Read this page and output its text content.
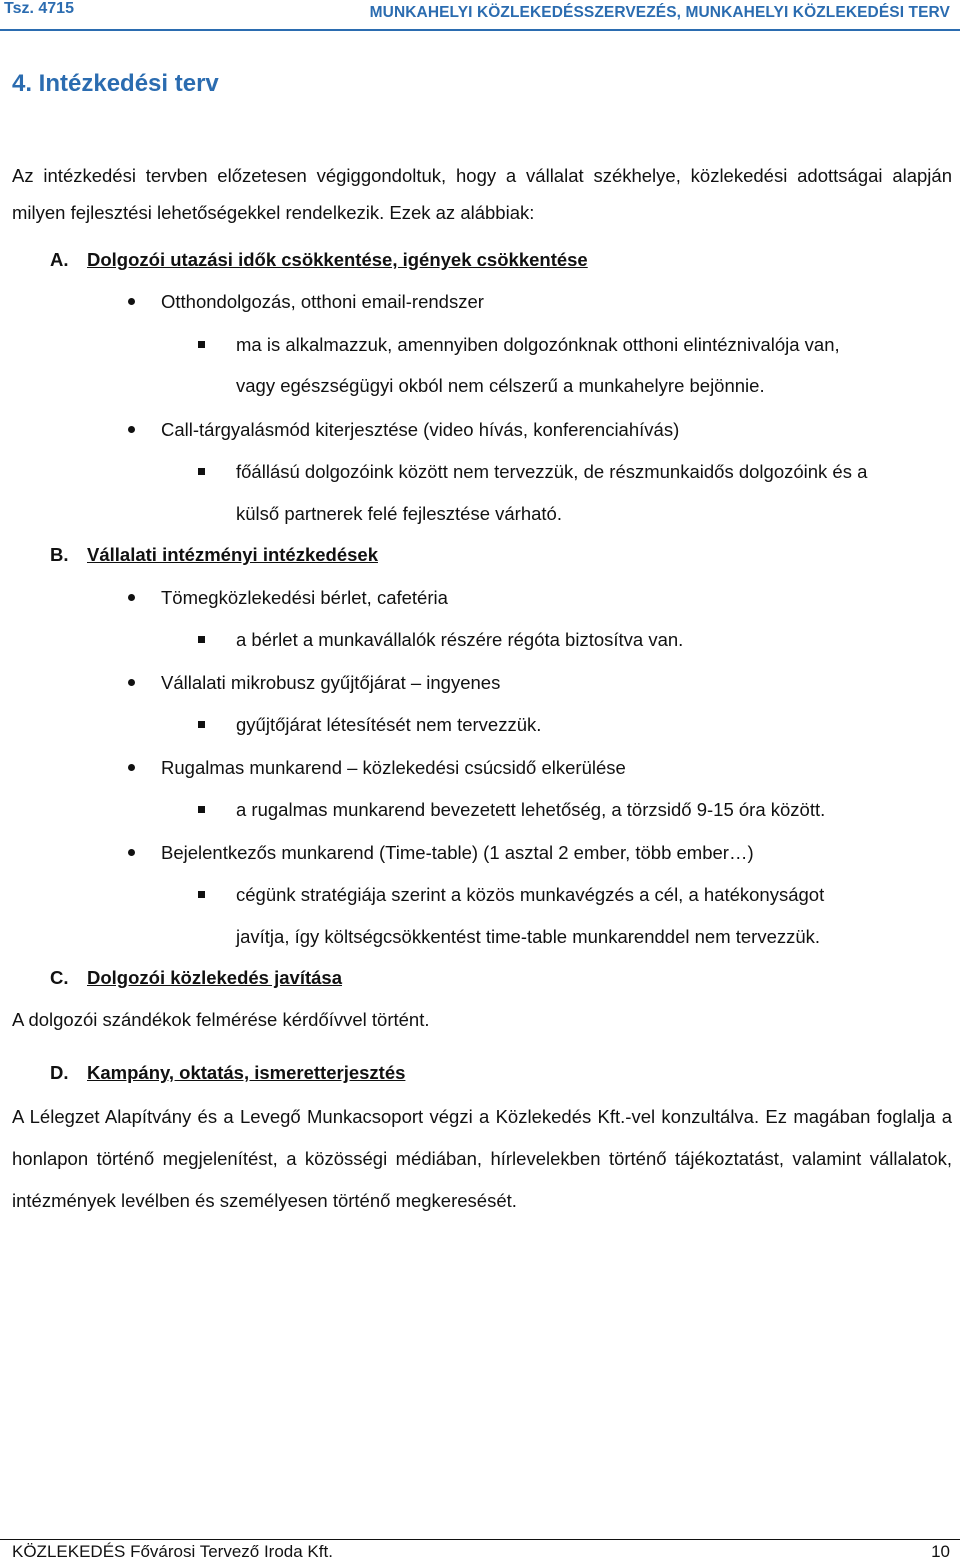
Tsz. 4715	MUNKAHELYI KÖZLEKEDÉSSZERVEZÉS, MUNKAHELYI KÖZLEKEDÉSI TERV
4. Intézkedési terv

Az intézkedési tervben előzetesen végiggondoltuk, hogy a vállalat székhelye, közlekedési adottságai alapján milyen fejlesztési lehetőségekkel rendelkezik. Ezek az alábbiak:

A. Dolgozói utazási idők csökkentése, igények csökkentése
Otthondolgozás, otthoni email-rendszer
ma is alkalmazzuk, amennyiben dolgozónknak otthoni elintéznivalója van,
vagy egészségügyi okból nem célszerű a munkahelyre bejönnie.
Call-tárgyalásmód kiterjesztése (video hívás, konferenciahívás)
főállású dolgozóink között nem tervezzük, de részmunkaidős dolgozóink és a
külső partnerek felé fejlesztése várható.
B. Vállalati intézményi intézkedések
Tömegközlekedési bérlet, cafetéria
a bérlet a munkavállalók részére régóta biztosítva van.
Vállalati mikrobusz gyűjtőjárat – ingyenes
gyűjtőjárat létesítését nem tervezzük.
Rugalmas munkarend – közlekedési csúcsidő elkerülése
a rugalmas munkarend bevezetett lehetőség, a törzsidő 9-15 óra között.
Bejelentkezős munkarend (Time-table) (1 asztal 2 ember, több ember…)
cégünk stratégiája szerint a közös munkavégzés a cél, a hatékonyságot
javítja, így költségcsökkentést time-table munkarenddel nem tervezzük.
C. Dolgozói közlekedés javítása
A dolgozói szándékok felmérése kérdőívvel történt.
D. Kampány, oktatás, ismeretterjesztés

A Lélegzet Alapítvány és a Levegő Munkacsoport végzi a Közlekedés Kft.-vel konzultálva. Ez magában foglalja a honlapon történő megjelenítést, a közösségi médiában, hírlevelekben történő tájékoztatást, valamint vállalatok, intézmények levélben és személyesen történő megkeresését.

KÖZLEKEDÉS Fővárosi Tervező Iroda Kft.	10
